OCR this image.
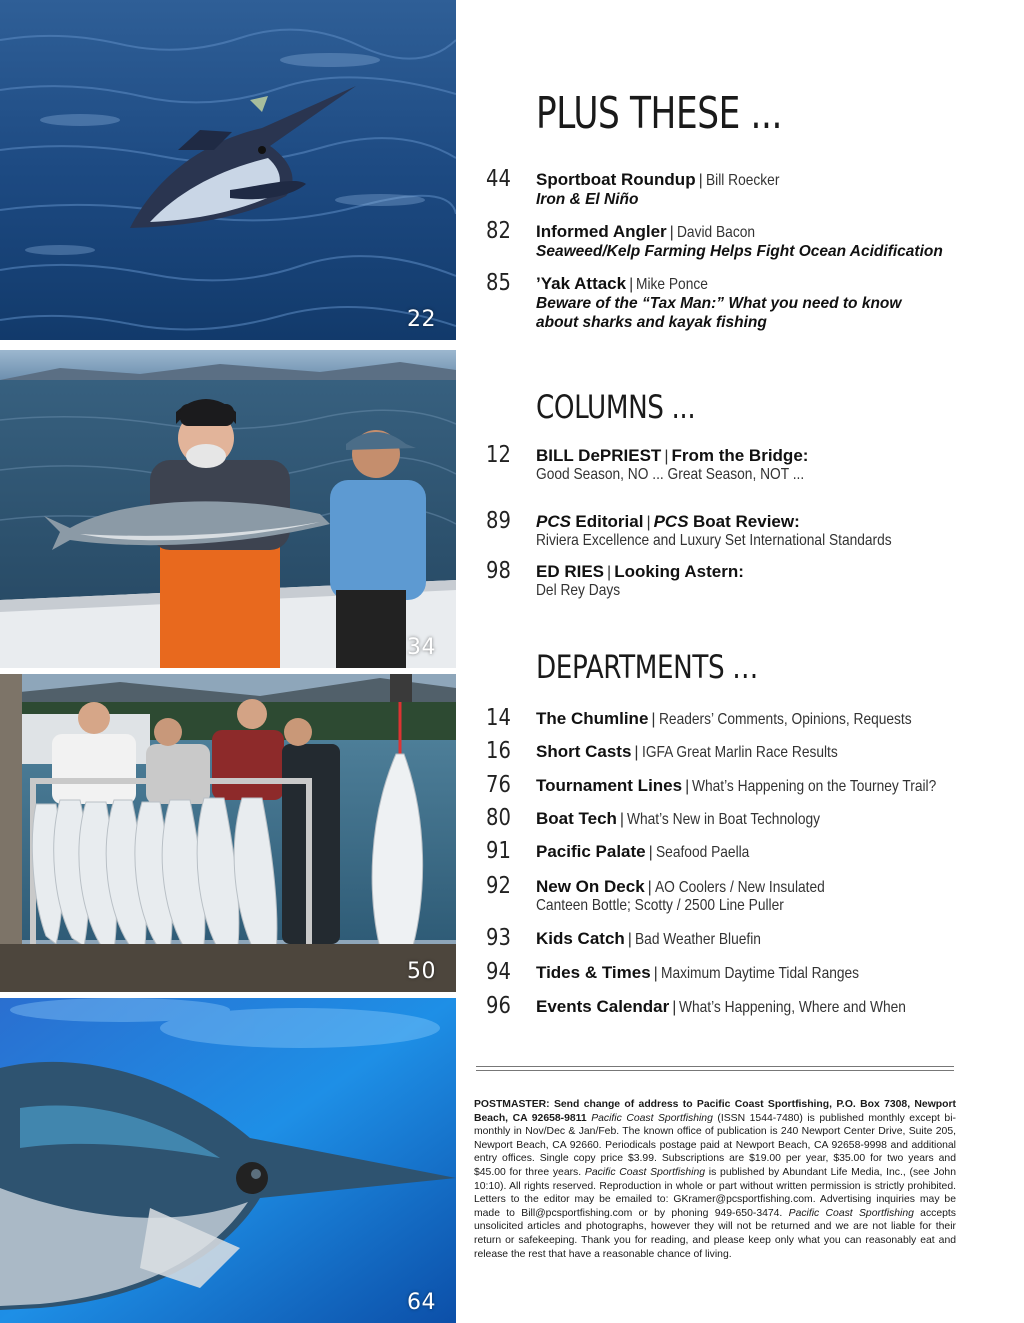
22
34
50
64
PLUS THESE ...
44	Sportboat Roundup | Bill Roecker
Iron & El Niño
82	Informed Angler | David Bacon
Seaweed/Kelp Farming Helps Fight Ocean Acidification
85	’Yak Attack | Mike Ponce
Beware of the “Tax Man:” What you need to know
about sharks and kayak fishing
COLUMNS ...
12	BILL DePRIEST | From the Bridge:
Good Season, NO ... Great Season, NOT ...
89	PCS Editorial | PCS Boat Review:
Riviera Excellence and Luxury Set International Standards
98	ED RIES | Looking Astern:
Del Rey Days
DEPARTMENTS …
14	The Chumline | Readers’ Comments, Opinions, Requests
16	Short Casts | IGFA Great Marlin Race Results
76	Tournament Lines | What’s Happening on the Tourney Trail?
80	Boat Tech | What’s New in Boat Technology
91	Pacific Palate | Seafood Paella
92	New On Deck | AO Coolers / New Insulated
Canteen Bottle; Scotty / 2500 Line Puller
93	Kids Catch | Bad Weather Bluefin
94	Tides & Times | Maximum Daytime Tidal Ranges
96	Events Calendar | What’s Happening, Where and When

POSTMASTER: Send change of address to Pacific Coast Sportfishing, P.O. Box 7308, Newport Beach, CA 92658-9811 Pacific Coast Sportfishing (ISSN 1544-7480) is published monthly except bi-monthly in Nov/Dec & Jan/Feb. The known office of publication is 240 Newport Center Drive, Suite 205, Newport Beach, CA 92660. Periodicals postage paid at Newport Beach, CA 92658-9998 and additional entry offices. Single copy price $3.99. Subscriptions are $19.00 per year, $35.00 for two years and $45.00 for three years. Pacific Coast Sportfishing is published by Abundant Life Media, Inc., (see John 10:10). All rights reserved. Reproduction in whole or part without written permission is strictly prohibited. Letters to the editor may be emailed to: GKramer@pcsportfishing.com. Advertising inquiries may be made to Bill@pcsportfishing.com or by phoning 949-650-3474. Pacific Coast Sportfishing accepts unsolicited articles and photographs, however they will not be returned and we are not liable for their return or safekeeping. Thank you for reading, and please keep only what you can reasonably eat and release the rest that have a reasonable chance of living.
